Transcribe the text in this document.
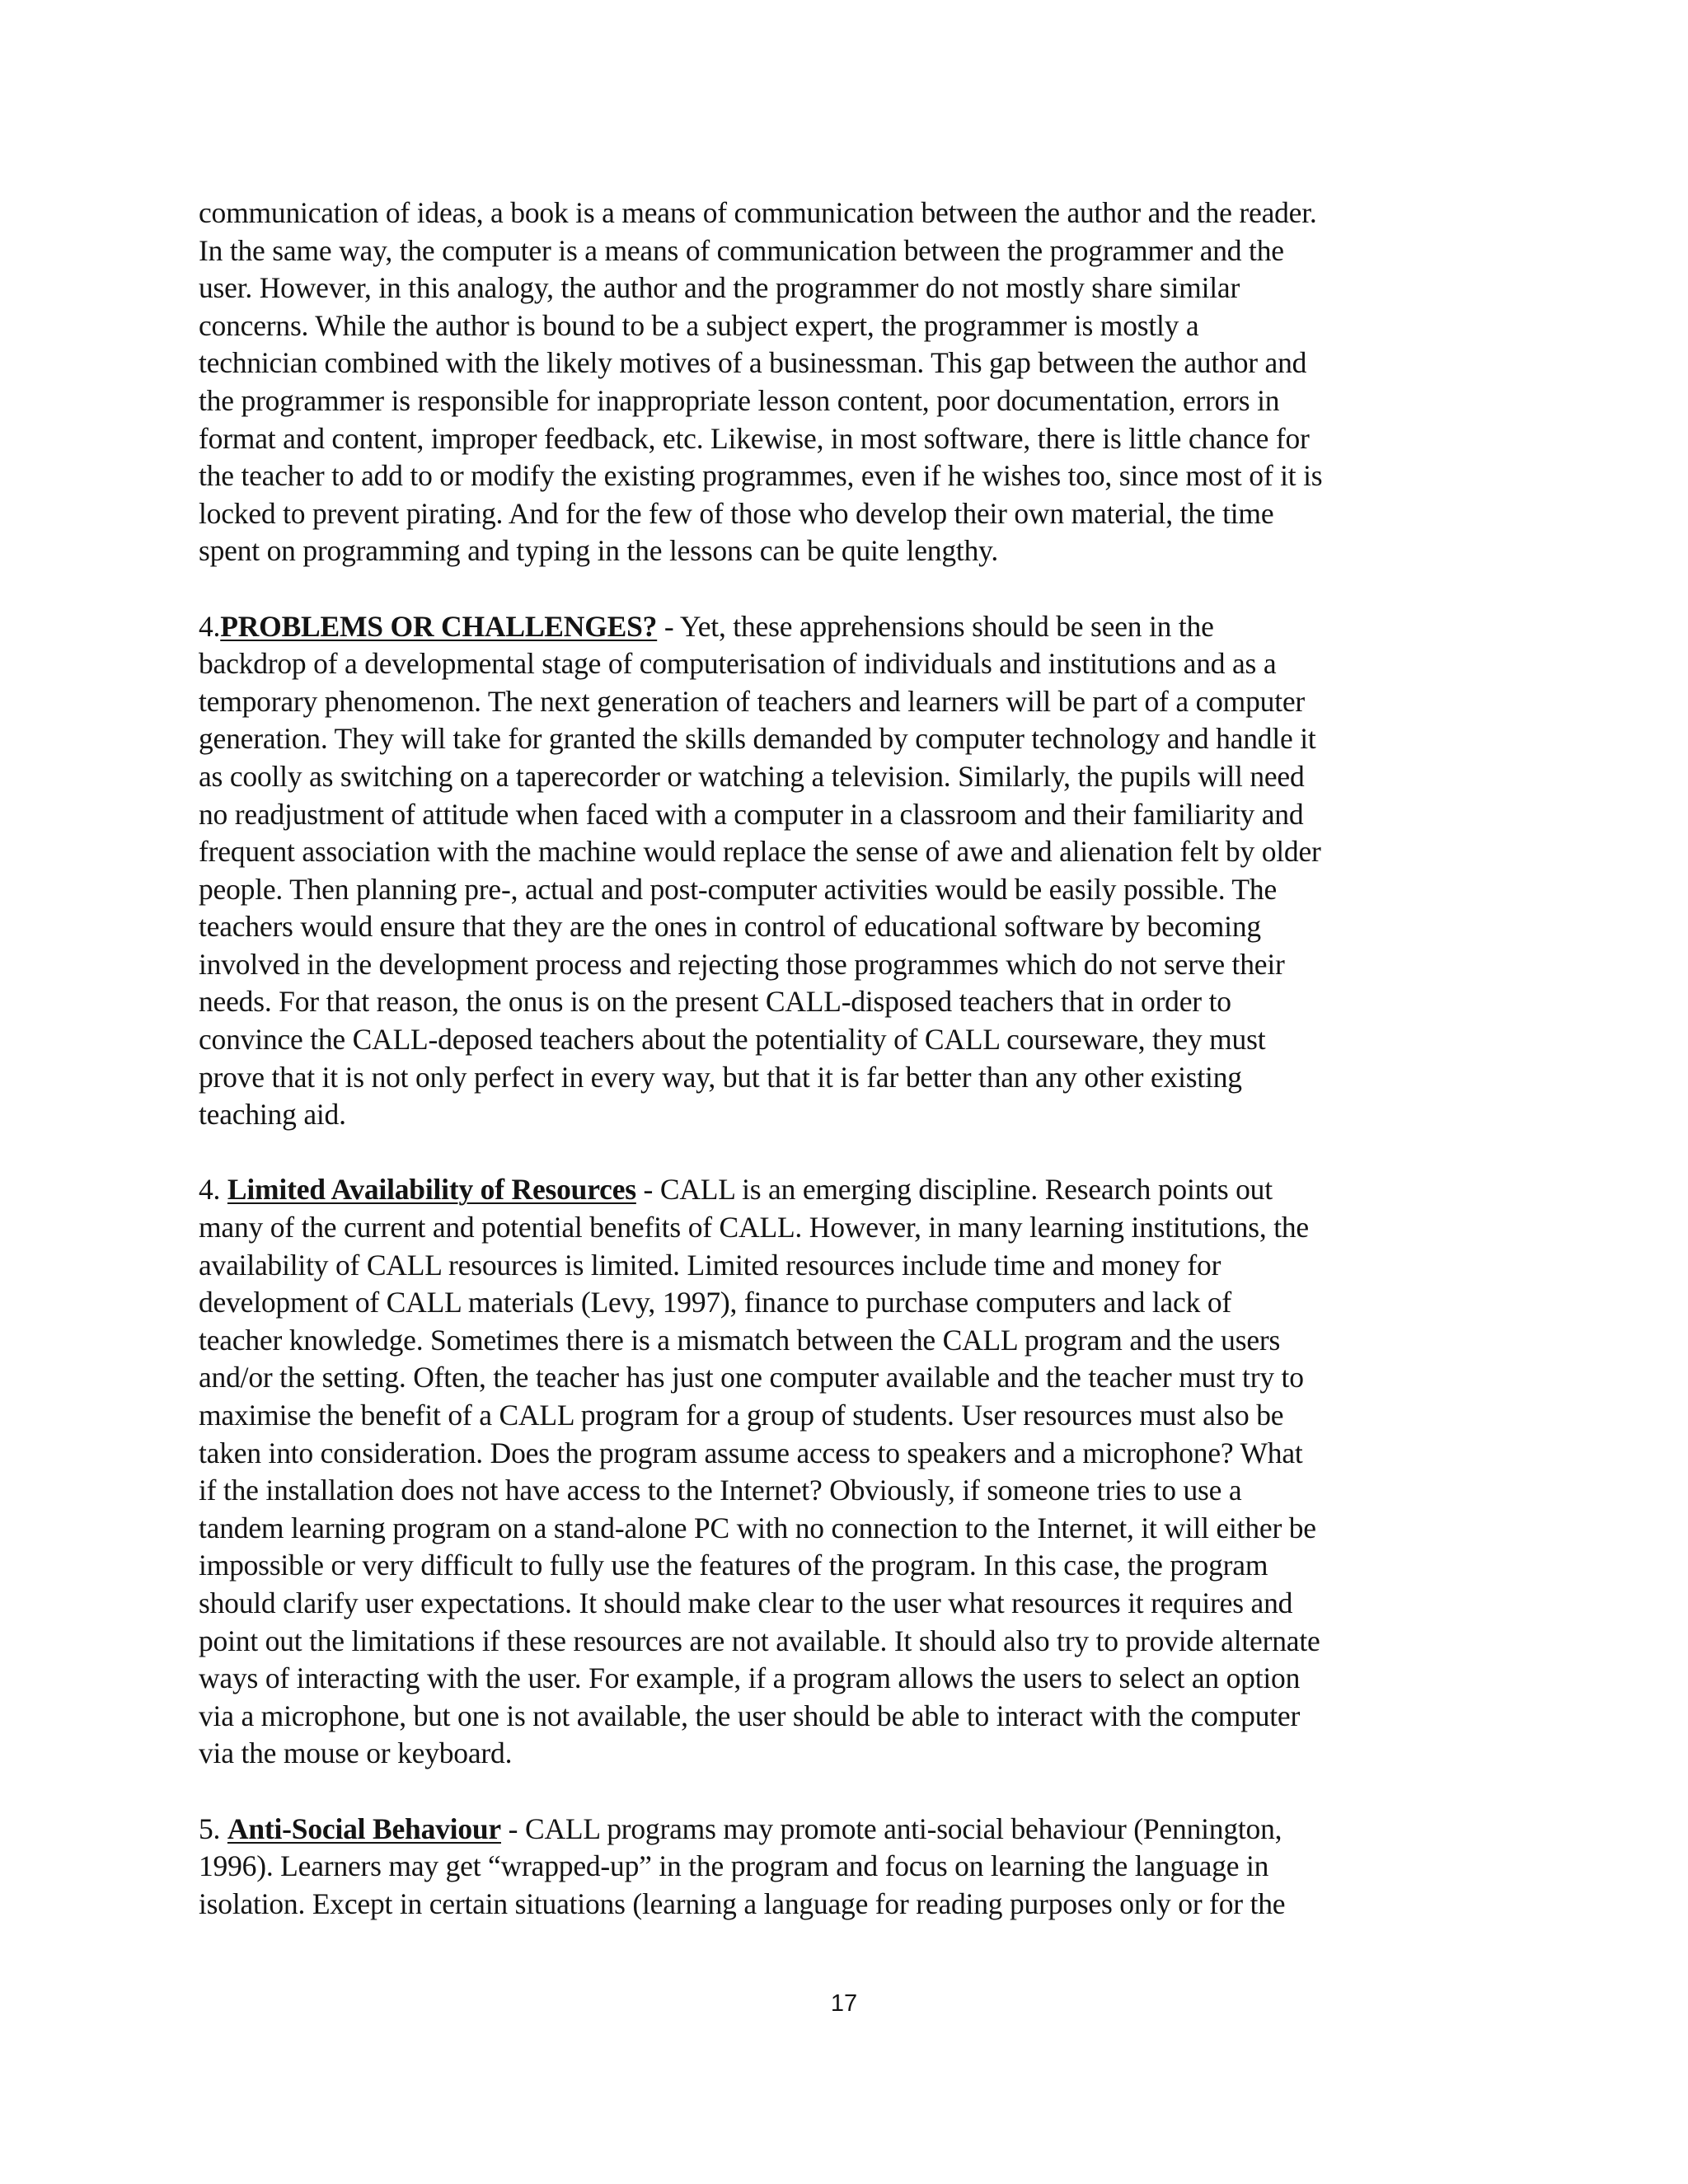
communication of ideas, a book is a means of communication between the author and the reader.
In the same way, the computer is a means of communication between the programmer and the
user. However, in this analogy, the author and the programmer do not mostly share similar
concerns. While the author is bound to be a subject expert, the programmer is mostly a
technician combined with the likely motives of a businessman. This gap between the author and
the programmer is responsible for inappropriate lesson content, poor documentation, errors in
format and content, improper feedback, etc. Likewise, in most software, there is little chance for
the teacher to add to or modify the existing programmes, even if he wishes too, since most of it is
locked to prevent pirating. And for the few of those who develop their own material, the time
spent on programming and typing in the lessons can be quite lengthy.
4.PROBLEMS OR CHALLENGES? - Yet, these apprehensions should be seen in the
backdrop of a developmental stage of computerisation of individuals and institutions and as a
temporary phenomenon. The next generation of teachers and learners will be part of a computer
generation. They will take for granted the skills demanded by computer technology and handle it
as coolly as switching on a taperecorder or watching a television. Similarly, the pupils will need
no readjustment of attitude when faced with a computer in a classroom and their familiarity and
frequent association with the machine would replace the sense of awe and alienation felt by older
people. Then planning pre-, actual and post-computer activities would be easily possible. The
teachers would ensure that they are the ones in control of educational software by becoming
involved in the development process and rejecting those programmes which do not serve their
needs. For that reason, the onus is on the present CALL-disposed teachers that in order to
convince the CALL-deposed teachers about the potentiality of CALL courseware, they must
prove that it is not only perfect in every way, but that it is far better than any other existing
teaching aid.
4. Limited Availability of Resources - CALL is an emerging discipline. Research points out
many of the current and potential benefits of CALL. However, in many learning institutions, the
availability of CALL resources is limited. Limited resources include time and money for
development of CALL materials (Levy, 1997), finance to purchase computers and lack of
teacher knowledge. Sometimes there is a mismatch between the CALL program and the users
and/or the setting. Often, the teacher has just one computer available and the teacher must try to
maximise the benefit of a CALL program for a group of students. User resources must also be
taken into consideration. Does the program assume access to speakers and a microphone? What
if the installation does not have access to the Internet? Obviously, if someone tries to use a
tandem learning program on a stand-alone PC with no connection to the Internet, it will either be
impossible or very difficult to fully use the features of the program. In this case, the program
should clarify user expectations. It should make clear to the user what resources it requires and
point out the limitations if these resources are not available. It should also try to provide alternate
ways of interacting with the user. For example, if a program allows the users to select an option
via a microphone, but one is not available, the user should be able to interact with the computer
via the mouse or keyboard.
5. Anti-Social Behaviour - CALL programs may promote anti-social behaviour (Pennington,
1996). Learners may get “wrapped-up” in the program and focus on learning the language in
isolation. Except in certain situations (learning a language for reading purposes only or for the
17
